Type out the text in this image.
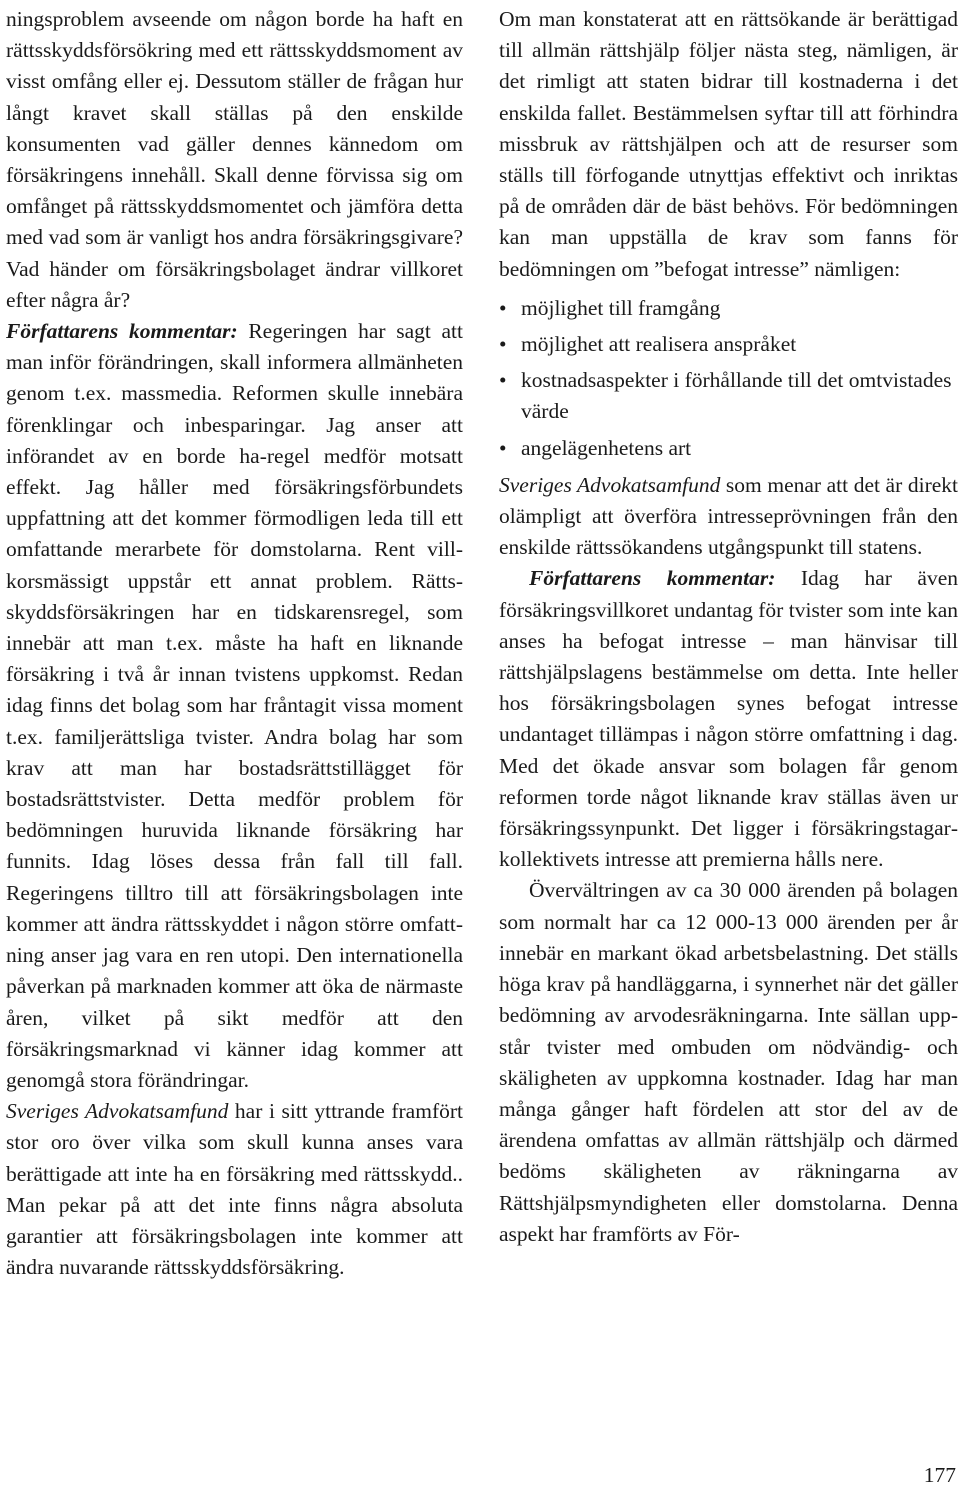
ningsproblem avseende om någon borde ha haft en rättsskyddsförsökring med ett rättsskyddsmoment av visst omfång eller ej. Dessutom ställer de frågan hur långt kravet skall ställas på den enskilde konsumenten vad gäller dennes kännedom om försäkringens innehåll. Skall denne förvissa sig om omfånget på rättsskyddsmomentet och jämföra detta med vad som är vanligt hos andra försäkringsgivare? Vad händer om försäkringsbolaget ändrar villkoret efter några år?

Författarens kommentar: Regeringen har sagt att man inför förändringen, skall informera allmänheten genom t.ex. massmedia. Reformen skulle innebära förenklingar och inbesparingar. Jag anser att införandet av en borde ha-regel medför motsatt effekt. Jag håller med försäkringsförbundets uppfattning att det kommer förmodligen leda till ett omfattande merarbete för domstolarna. Rent villkorsmässigt uppstår ett annat problem. Rättsskyddsförsäkringen har en tidskarensregel, som innebär att man t.ex. måste ha haft en liknande försäkring i två år innan tvistens uppkomst. Redan idag finns det bolag som har fråntagit vissa moment t.ex. familjerättsliga tvister. Andra bolag har som krav att man har bostadsrättstillägget för bostadsrättstvister. Detta medför problem för bedömningen huruvida liknande försäkring har funnits. Idag löses dessa från fall till fall. Regeringens tilltro till att försäkringsbolagen inte kommer att ändra rättsskyddet i någon större omfattning anser jag vara en ren utopi. Den internationella påverkan på marknaden kommer att öka de närmaste åren, vilket på sikt medför att den försäkringsmarknad vi känner idag kommer att genomgå stora förändringar.

Sveriges Advokatsamfund har i sitt yttrande framfört stor oro över vilka som skull kunna anses vara berättigade att inte ha en försäkring med rättsskydd.. Man pekar på att det inte finns några absoluta garantier att försäkringsbolagen inte kommer att ändra nuvarande rättsskyddsförsäkring.

Om man konstaterat att en rättsökande är berättigad till allmän rättshjälp följer nästa steg, nämligen, är det rimligt att staten bidrar till kostnaderna i det enskilda fallet. Bestämmelsen syftar till att förhindra missbruk av rättshjälpen och att de resurser som ställs till förfogande utnyttjas effektivt och inriktas på de områden där de bäst behövs. För bedömningen kan man uppställa de krav som fanns för bedömningen om ”befogat intresse” nämligen:

• möjlighet till framgång
• möjlighet att realisera anspråket
• kostnadsaspekter i förhållande till det omtvistades värde
• angelägenhetens art

Sveriges Advokatsamfund som menar att det är direkt olämpligt att överföra intresseprövningen från den enskilde rättssökandens utgångspunkt till statens.

Författarens kommentar: Idag har även försäkringsvillkoret undantag för tvister som inte kan anses ha befogat intresse – man hänvisar till rättshjälpslagens bestämmelse om detta. Inte heller hos försäkringsbolagen synes befogat intresse undantaget tillämpas i någon större omfattning i dag. Med det ökade ansvar som bolagen får genom reformen torde något liknande krav ställas även ur försäkringssynpunkt. Det ligger i försäkringstagarkollektivets intresse att premierna hålls nere.

Övervältringen av ca 30 000 ärenden på bolagen som normalt har ca 12 000-13 000 ärenden per år innebär en markant ökad arbetsbelastning. Det ställs höga krav på handläggarna, i synnerhet när det gäller bedömning av arvodesräkningarna. Inte sällan uppstår tvister med ombuden om nödvändig- och skäligheten av uppkomna kostnader. Idag har man många gånger haft fördelen att stor del av de ärendena omfattas av allmän rättshjälp och därmed bedöms skäligheten av räkningarna av Rättshjälpsmyndigheten eller domstolarna. Denna aspekt har framförts av För-

177
